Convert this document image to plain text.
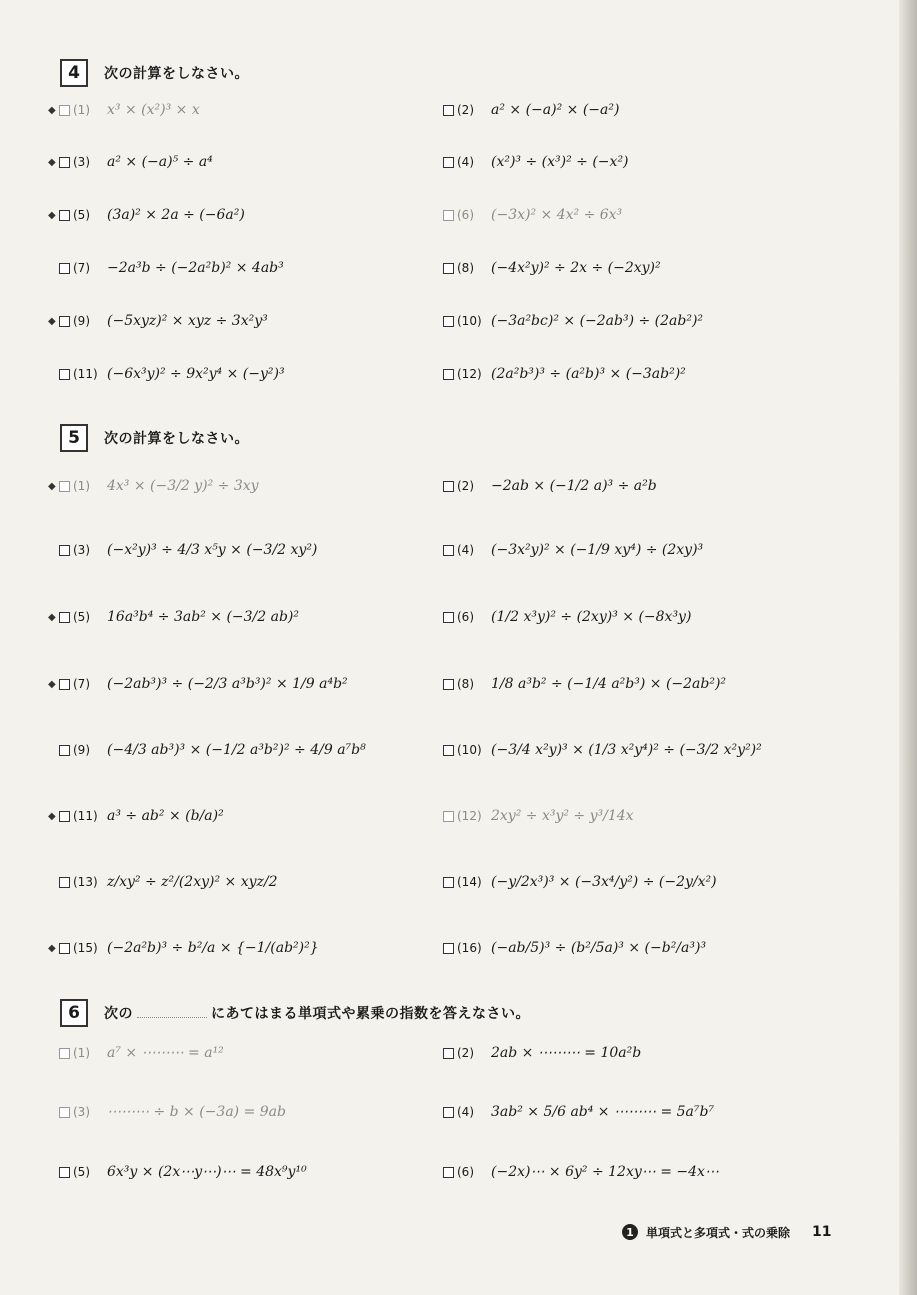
4	次の計算をしなさい。
◆ (1)	x³ × (x²)³ × x	(2)	a² × (−a)² × (−a²)
◆ (3)	a² × (−a)⁵ ÷ a⁴	(4)	(x²)³ ÷ (x³)² ÷ (−x²)
◆ (5)	(3a)² × 2a ÷ (−6a²)	(6)	(−3x)² × 4x² ÷ 6x³
(7)	−2a³b ÷ (−2a²b)² × 4ab³	(8)	(−4x²y)² ÷ 2x ÷ (−2xy)²
◆ (9)	(−5xyz)² × xyz ÷ 3x²y³	(10) (−3a²bc)² × (−2ab³) ÷ (2ab²)²
(11) (−6x³y)² ÷ 9x²y⁴ × (−y²)³	(12) (2a²b³)³ ÷ (a²b)³ × (−3ab²)²
5	次の計算をしなさい。
◆ (1)	4x³ × (−3/2 y)² ÷ 3xy	(2)	−2ab × (−1/2 a)³ ÷ a²b
(3)	(−x²y)³ ÷ 4/3 x⁵y × (−3/2 xy²)	(4)	(−3x²y)² × (−1/9 xy⁴) ÷ (2xy)³
◆ (5)	16a³b⁴ ÷ 3ab² × (−3/2 ab)²	(6)	(1/2 x³y)² ÷ (2xy)³ × (−8x³y)
◆ (7)	(−2ab³)³ ÷ (−2/3 a³b³)² × 1/9 a⁴b²	(8)	1/8 a³b² ÷ (−1/4 a²b³) × (−2ab²)²
(9)	(−4/3 ab³)³ × (−1/2 a³b²)² ÷ 4/9 a⁷b⁸	(10) (−3/4 x²y)³ × (1/3 x²y⁴)² ÷ (−3/2 x²y²)²
◆ (11) a³ ÷ ab² × (b/a)²	(12) 2xy² ÷ x³y² ÷ y³/14x
(13) z/xy² ÷ z²/(2xy)² × xyz/2	(14) (−y/2x³)³ × (−3x⁴/y²) ÷ (−2y/x²)
◆ (15) (−2a²b)³ ÷ b²/a × {−1/(ab²)²}	(16) (−ab/5)³ ÷ (b²/5a)³ × (−b²/a³)³
6	次の	にあてはまる単項式や累乗の指数を答えなさい。
(1)	a⁷ × ⋯⋯⋯ = a¹²	(2)	2ab × ⋯⋯⋯ = 10a²b
(3)	⋯⋯⋯ ÷ b × (−3a) = 9ab	(4)	3ab² × 5/6 ab⁴ × ⋯⋯⋯ = 5a⁷b⁷
(5)	6x³y × (2x⋯y⋯)⋯ = 48x⁹y¹⁰	(6)	(−2x)⋯ × 6y² ÷ 12xy⋯ = −4x⋯
1	単項式と多項式・式の乗除 11
